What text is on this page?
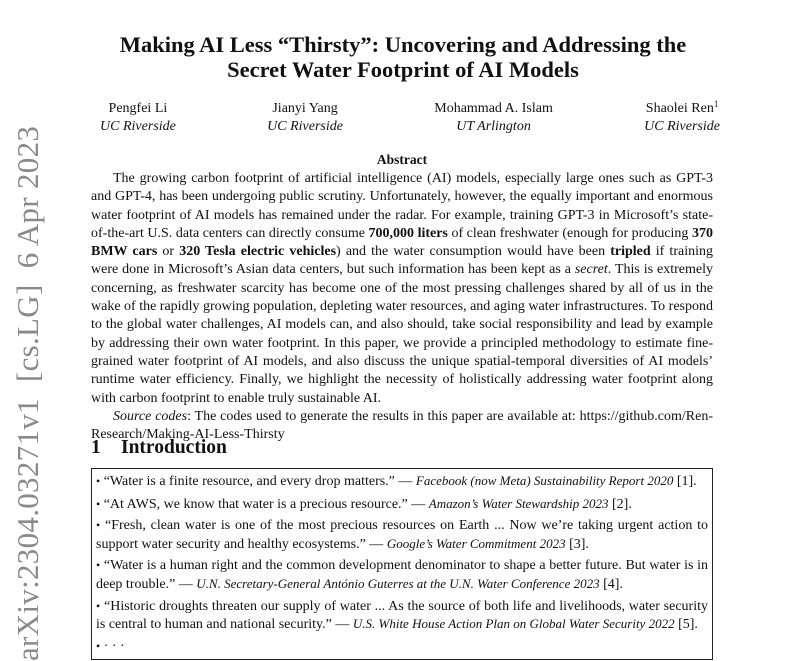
arXiv:2304.03271v1  [cs.LG]  6 Apr 2023
Making AI Less “Thirsty”: Uncovering and Addressing the
Secret Water Footprint of AI Models
Pengfei Li
UC Riverside
Jianyi Yang
UC Riverside
Mohammad A. Islam
UT Arlington
Shaolei Ren$^1$
UC Riverside
Abstract

The growing carbon footprint of artificial intelligence (AI) models, especially large ones such as GPT-3 and GPT-4, has been undergoing public scrutiny. Unfortunately, however, the equally important and enormous water footprint of AI models has remained under the radar. For example, training GPT-3 in Microsoft’s state-of-the-art U.S. data centers can directly consume 700,000 liters of clean freshwater (enough for producing 370 BMW cars or 320 Tesla electric vehicles) and the water consumption would have been tripled if training were done in Microsoft’s Asian data centers, but such information has been kept as a secret. This is extremely concerning, as freshwater scarcity has become one of the most pressing challenges shared by all of us in the wake of the rapidly growing population, depleting water resources, and aging water infrastructures. To respond to the global water challenges, AI models can, and also should, take social responsibility and lead by example by addressing their own water footprint. In this paper, we provide a principled methodology to estimate fine-grained water footprint of AI models, and also discuss the unique spatial-temporal diversities of AI models’ runtime water efficiency. Finally, we highlight the necessity of holistically addressing water footprint along with carbon footprint to enable truly sustainable AI.

Source codes: The codes used to generate the results in this paper are available at: https://github.com/Ren-Research/Making-AI-Less-Thirsty

1 Introduction
• “Water is a finite resource, and every drop matters.” — Facebook (now Meta) Sustainability Report 2020 [1].
• “At AWS, we know that water is a precious resource.” — Amazon’s Water Stewardship 2023 [2].
• “Fresh, clean water is one of the most precious resources on Earth ... Now we’re taking urgent action to support water security and healthy ecosystems.” — Google’s Water Commitment 2023 [3].
• “Water is a human right and the common development denominator to shape a better future. But water is in deep trouble.” — U.N. Secretary-General António Guterres at the U.N. Water Conference 2023 [4].
• “Historic droughts threaten our supply of water ... As the source of both life and livelihoods, water security is central to human and national security.” — U.S. White House Action Plan on Global Water Security 2022 [5].
• · · ·
